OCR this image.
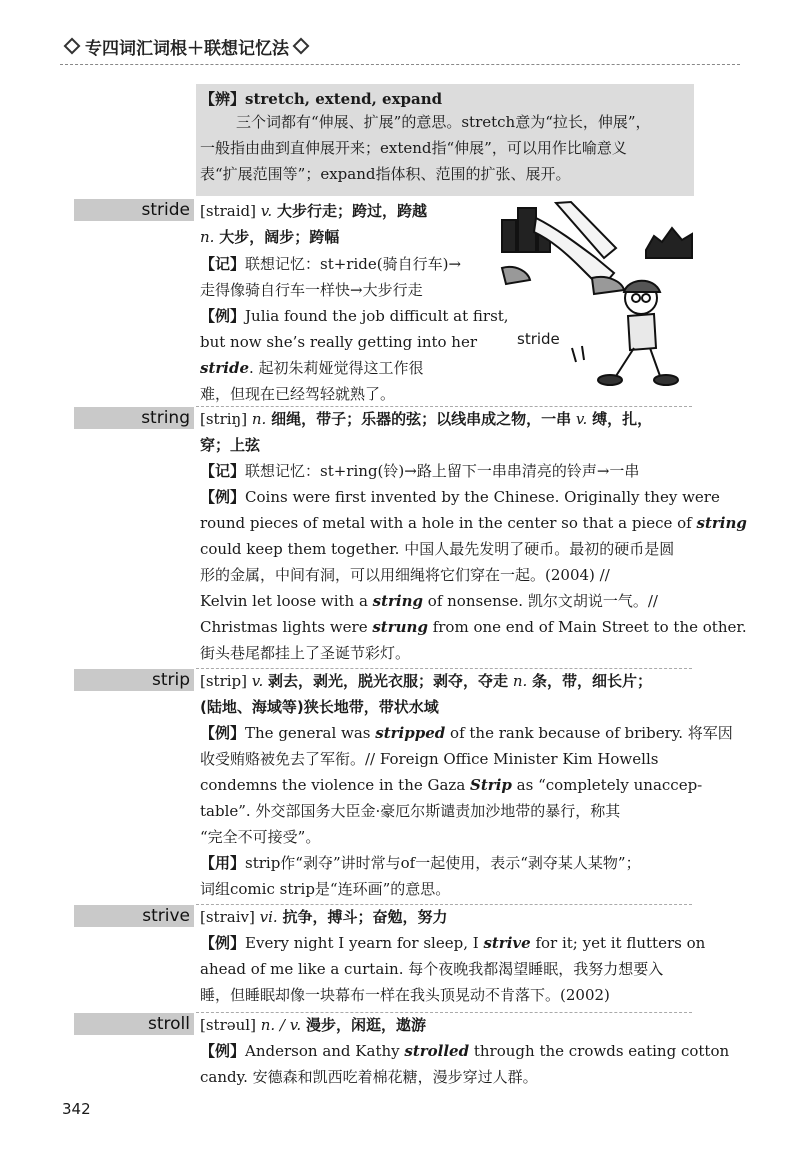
专四词汇词根＋联想记忆法
【辨】stretch, extend, expand
三个词都有“伸展、扩展”的意思。stretch意为“拉长，伸展”，
一般指由曲到直伸展开来；extend指“伸展”，可以用作比喻意义
表“扩展范围等”；expand指体积、范围的扩张、展开。
stride [straid] v. 大步行走；跨过，跨越
n. 大步，阔步；跨幅
【记】联想记忆：st+ride(骑自行车)→
走得像骑自行车一样快→大步行走
【例】Julia found the job difficult at first,
but now she’s really getting into her
stride. 起初朱莉娅觉得这工作很
难，但现在已经驾轻就熟了。
stride
string [striŋ] n. 细绳，带子；乐器的弦；以线串成之物，一串 v. 缚，扎，
穿；上弦
【记】联想记忆：st+ring(铃)→路上留下一串串清亮的铃声→一串
【例】Coins were first invented by the Chinese. Originally they were
round pieces of metal with a hole in the center so that a piece of string
could keep them together. 中国人最先发明了硬币。最初的硬币是圆
形的金属，中间有洞，可以用细绳将它们穿在一起。(2004) //
Kelvin let loose with a string of nonsense. 凯尔文胡说一气。//
Christmas lights were strung from one end of Main Street to the other.
街头巷尾都挂上了圣诞节彩灯。
strip [strip] v. 剥去，剥光，脱光衣服；剥夺，夺走 n. 条，带，细长片；
(陆地、海域等)狭长地带，带状水域
【例】The general was stripped of the rank because of bribery. 将军因
收受贿赂被免去了军衔。// Foreign Office Minister Kim Howells
condemns the violence in the Gaza Strip as “completely unaccep-
table”. 外交部国务大臣金·豪厄尔斯谴责加沙地带的暴行，称其
“完全不可接受”。
【用】strip作“剥夺”讲时常与of一起使用，表示“剥夺某人某物”；
词组comic strip是“连环画”的意思。
strive [straiv] vi. 抗争，搏斗；奋勉，努力
【例】Every night I yearn for sleep, I strive for it; yet it flutters on
ahead of me like a curtain. 每个夜晚我都渴望睡眠，我努力想要入
睡，但睡眠却像一块幕布一样在我头顶晃动不肯落下。(2002)
stroll [strəul] n. / v. 漫步，闲逛，遨游
【例】Anderson and Kathy strolled through the crowds eating cotton
candy. 安德森和凯西吃着棉花糖，漫步穿过人群。
342
